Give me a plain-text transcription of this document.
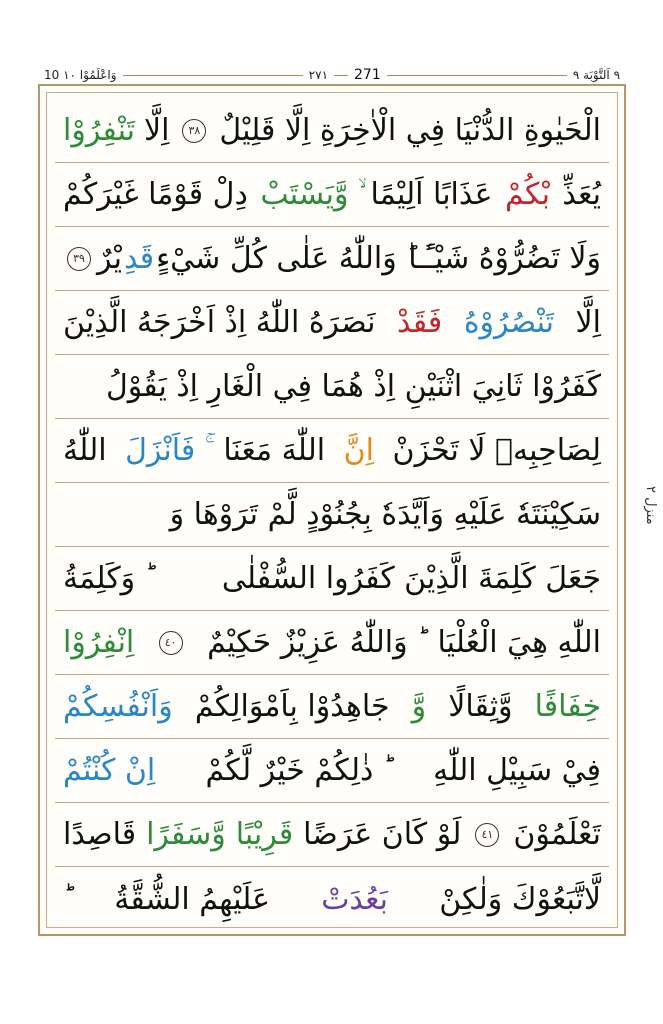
10 وَاعْلَمُوْا ١٠	٢٧١ 271	٩ اَلتَّوْبَة ٩
الْحَيٰوةِ الدُّنْيَا فِي الْاٰخِرَةِ اِلَّا قَلِيْلٌ
٣٨
اِلَّا
تَنْفِرُوْا
يُعَذِّ
بْكُمْ
عَذَابًا اَلِيْمًا
ۙ وَّيَسْتَبْ
دِلْ قَوْمًا غَيْرَكُمْ
وَلَا تَضُرُّوْهُ شَيْـًٔـا
ؕ وَاللّٰهُ عَلٰى كُلِّ شَيْءٍ
قَدِ
يْرٌ
٣٩
اِلَّا
تَنْصُرُوْهُ
فَقَدْ
نَصَرَهُ اللّٰهُ اِذْ اَخْرَجَهُ الَّذِيْنَ
كَفَرُوْا ثَانِيَ اثْنَيْنِ اِذْ هُمَا فِي الْغَارِ اِذْ يَقُوْلُ
لِصَاحِبِهٖ لَا تَحْزَنْ
اِنَّ
اللّٰهَ مَعَنَا
ۚ فَاَنْزَلَ
اللّٰهُ
سَكِيْنَتَهٗ عَلَيْهِ وَاَيَّدَهٗ بِجُنُوْدٍ لَّمْ تَرَوْهَا وَ
جَعَلَ كَلِمَةَ الَّذِيْنَ كَفَرُوا السُّفْلٰى
ؕ وَكَلِمَةُ
اللّٰهِ هِيَ الْعُلْيَا
ؕ وَاللّٰهُ عَزِيْزٌ حَكِيْمٌ
٤٠
اِنْفِرُوْا
خِفَافًا
وَّثِقَالًا
وَّ
جَاهِدُوْا بِاَمْوَالِكُمْ
وَاَنْفُسِكُمْ
فِيْ سَبِيْلِ اللّٰهِ
ؕ ذٰلِكُمْ خَيْرٌ لَّكُمْ
اِنْ كُنْتُمْ
تَعْلَمُوْنَ
٤١
لَوْ كَانَ عَرَضًا
قَرِيْبًا
وَّسَفَرًا
قَاصِدًا
لَّاتَّبَعُوْكَ وَلٰكِنْ
بَعُدَتْ
عَلَيْهِمُ الشُّقَّةُ
منزل ٢
